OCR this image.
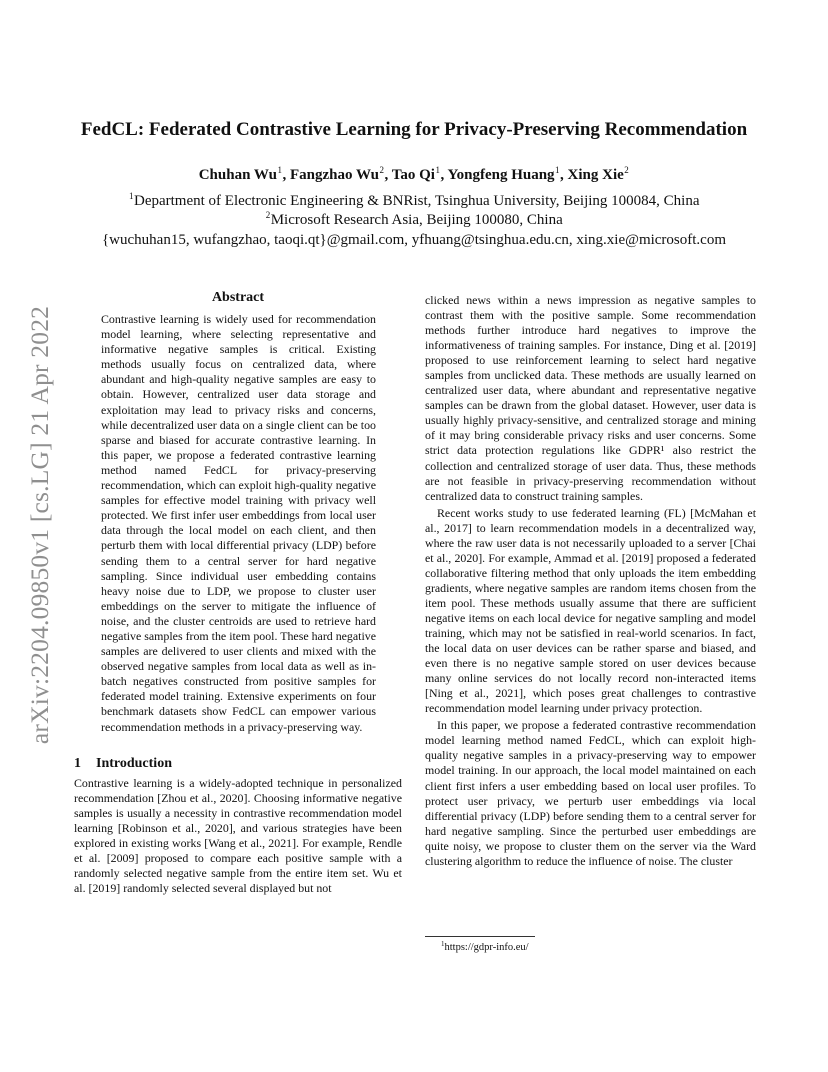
arXiv:2204.09850v1 [cs.LG] 21 Apr 2022
FedCL: Federated Contrastive Learning for Privacy-Preserving Recommendation
Chuhan Wu$^1$, Fangzhao Wu$^2$, Tao Qi$^1$, Yongfeng Huang$^1$, Xing Xie$^2$
$^1$Department of Electronic Engineering & BNRist, Tsinghua University, Beijing 100084, China
$^2$Microsoft Research Asia, Beijing 100080, China
{wuchuhan15, wufangzhao, taoqi.qt}@gmail.com, yfhuang@tsinghua.edu.cn, xing.xie@microsoft.com
Abstract

Contrastive learning is widely used for recommendation model learning, where selecting representative and informative negative samples is critical. Existing methods usually focus on centralized data, where abundant and high-quality negative samples are easy to obtain. However, centralized user data storage and exploitation may lead to privacy risks and concerns, while decentralized user data on a single client can be too sparse and biased for accurate contrastive learning. In this paper, we propose a federated contrastive learning method named FedCL for privacy-preserving recommendation, which can exploit high-quality negative samples for effective model training with privacy well protected. We first infer user embeddings from local user data through the local model on each client, and then perturb them with local differential privacy (LDP) before sending them to a central server for hard negative sampling. Since individual user embedding contains heavy noise due to LDP, we propose to cluster user embeddings on the server to mitigate the influence of noise, and the cluster centroids are used to retrieve hard negative samples from the item pool. These hard negative samples are delivered to user clients and mixed with the observed negative samples from local data as well as in-batch negatives constructed from positive samples for federated model training. Extensive experiments on four benchmark datasets show FedCL can empower various recommendation methods in a privacy-preserving way.

1 Introduction

Contrastive learning is a widely-adopted technique in personalized recommendation [Zhou et al., 2020]. Choosing informative negative samples is usually a necessity in contrastive recommendation model learning [Robinson et al., 2020], and various strategies have been explored in existing works [Wang et al., 2021]. For example, Rendle et al. [2009] proposed to compare each positive sample with a randomly selected negative sample from the entire item set. Wu et al. [2019] randomly selected several displayed but not

clicked news within a news impression as negative samples to contrast them with the positive sample. Some recommendation methods further introduce hard negatives to improve the informativeness of training samples. For instance, Ding et al. [2019] proposed to use reinforcement learning to select hard negative samples from unclicked data. These methods are usually learned on centralized user data, where abundant and representative negative samples can be drawn from the global dataset. However, user data is usually highly privacy-sensitive, and centralized storage and mining of it may bring considerable privacy risks and user concerns. Some strict data protection regulations like GDPR¹ also restrict the collection and centralized storage of user data. Thus, these methods are not feasible in privacy-preserving recommendation without centralized data to construct training samples.

Recent works study to use federated learning (FL) [McMahan et al., 2017] to learn recommendation models in a decentralized way, where the raw user data is not necessarily uploaded to a server [Chai et al., 2020]. For example, Ammad et al. [2019] proposed a federated collaborative filtering method that only uploads the item embedding gradients, where negative samples are random items chosen from the item pool. These methods usually assume that there are sufficient negative items on each local device for negative sampling and model training, which may not be satisfied in real-world scenarios. In fact, the local data on user devices can be rather sparse and biased, and even there is no negative sample stored on user devices because many online services do not locally record non-interacted items [Ning et al., 2021], which poses great challenges to contrastive recommendation model learning under privacy protection.

In this paper, we propose a federated contrastive recommendation model learning method named FedCL, which can exploit high-quality negative samples in a privacy-preserving way to empower model training. In our approach, the local model maintained on each client first infers a user embedding based on local user profiles. To protect user privacy, we perturb user embeddings via local differential privacy (LDP) before sending them to a central server for hard negative sampling. Since the perturbed user embeddings are quite noisy, we propose to cluster them on the server via the Ward clustering algorithm to reduce the influence of noise. The cluster

$^1$https://gdpr-info.eu/
